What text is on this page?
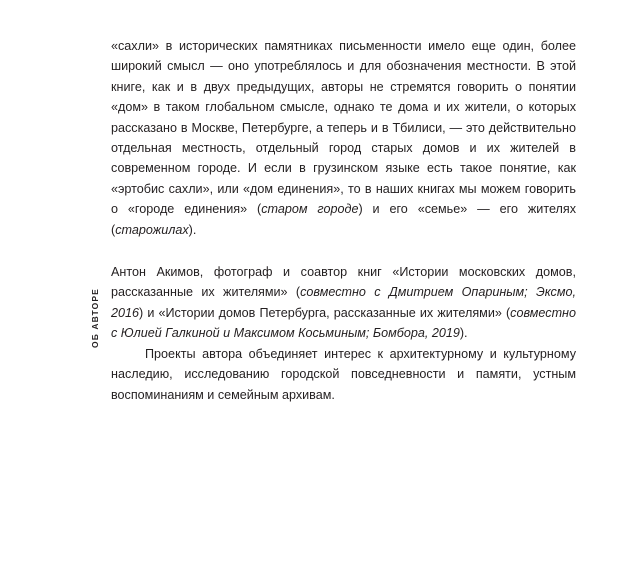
ОБ АВТОРЕ

«сахли» в исторических памятниках письменности имело еще один, более широкий смысл — оно употреблялось и для обозначения местности. В этой книге, как и в двух предыдущих, авторы не стремятся говорить о понятии «дом» в таком глобальном смысле, однако те дома и их жители, о которых рассказано в Москве, Петербурге, а теперь и в Тбилиси, — это действительно отдельная местность, отдельный город старых домов и их жителей в современном городе. И если в грузинском языке есть такое понятие, как «эртобис сахли», или «дом единения», то в наших книгах мы можем говорить о «городе единения» (старом городе) и его «семье» — его жителях (старожилах).

Антон Акимов, фотограф и соавтор книг «Истории московских домов, рассказанные их жителями» (совместно с Дмитрием Опариным; Эксмо, 2016) и «Истории домов Петербурга, рассказанные их жителями» (совместно с Юлией Галкиной и Максимом Косьминым; Бомбора, 2019).

Проекты автора объединяет интерес к архитектурному и культурному наследию, исследованию городской повседневности и памяти, устным воспоминаниям и семейным архивам.
